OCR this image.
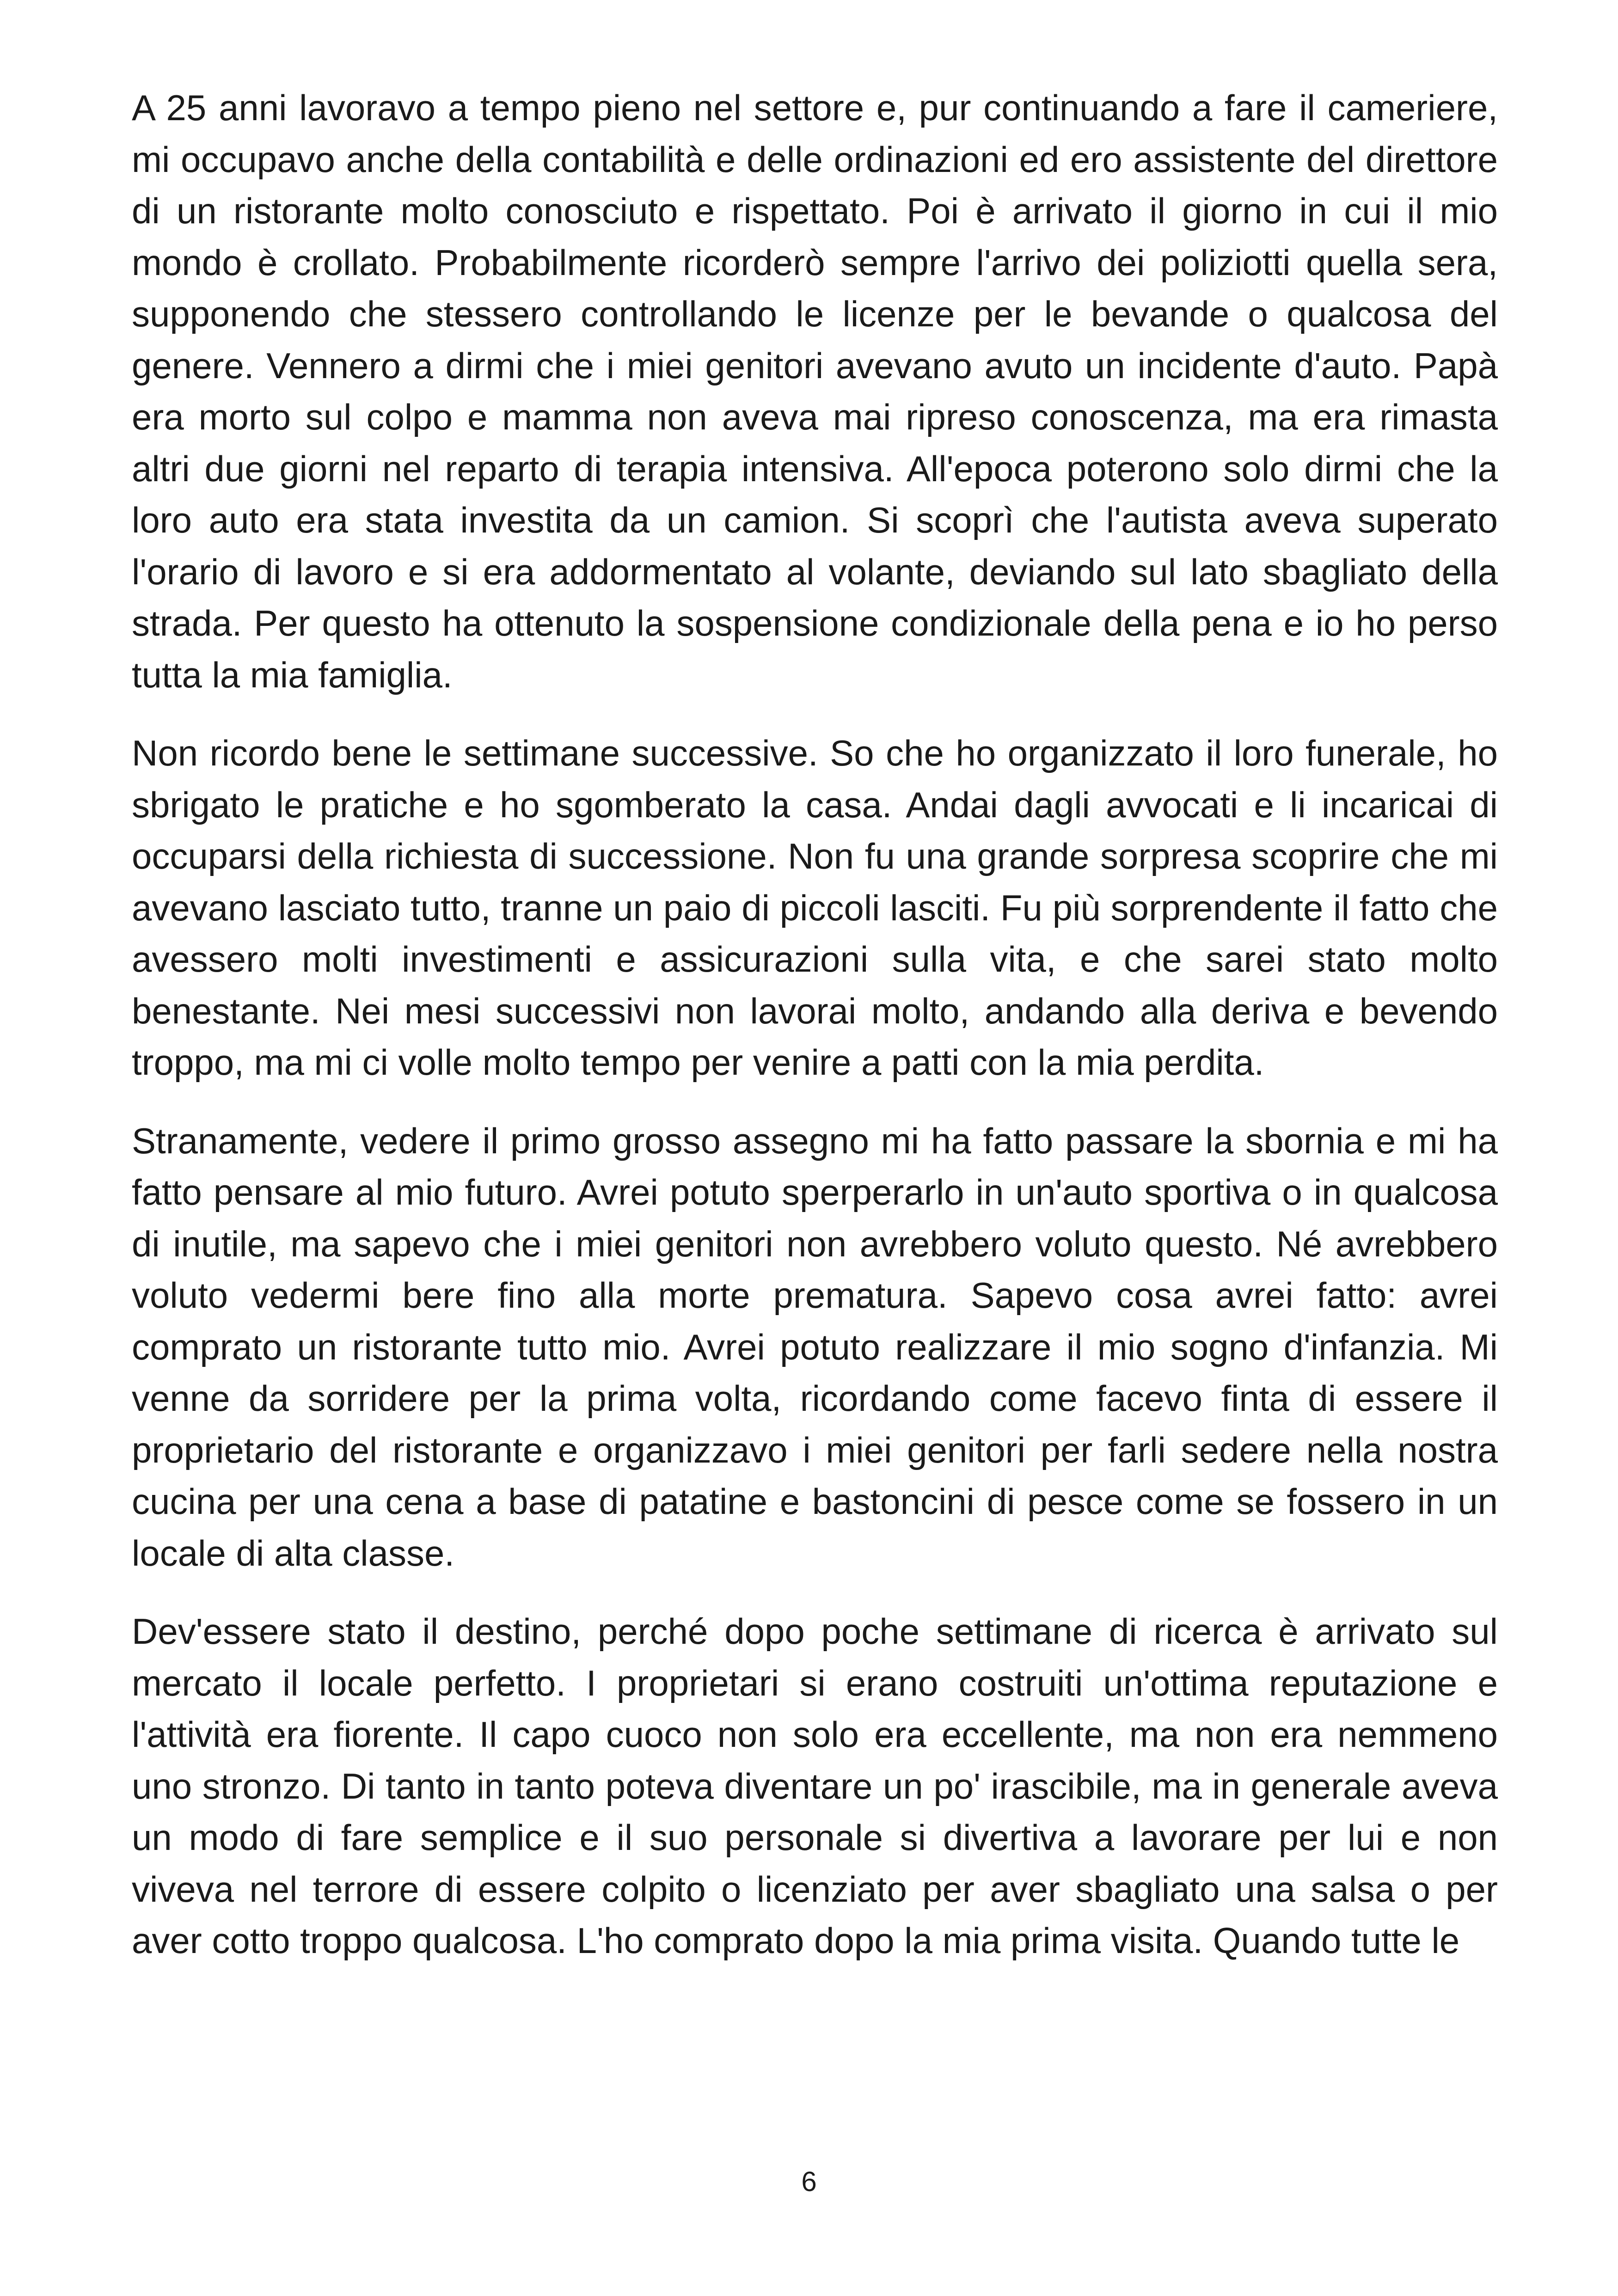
A 25 anni lavoravo a tempo pieno nel settore e, pur continuando a fare il cameriere, mi occupavo anche della contabilità e delle ordinazioni ed ero assistente del direttore di un ristorante molto conosciuto e rispettato. Poi è arrivato il giorno in cui il mio mondo è crollato. Probabilmente ricorderò sempre l'arrivo dei poliziotti quella sera, supponendo che stessero controllando le licenze per le bevande o qualcosa del genere. Vennero a dirmi che i miei genitori avevano avuto un incidente d'auto. Papà era morto sul colpo e mamma non aveva mai ripreso conoscenza, ma era rimasta altri due giorni nel reparto di terapia intensiva. All'epoca poterono solo dirmi che la loro auto era stata investita da un camion. Si scoprì che l'autista aveva superato l'orario di lavoro e si era addormentato al volante, deviando sul lato sbagliato della strada. Per questo ha ottenuto la sospensione condizionale della pena e io ho perso tutta la mia famiglia.

Non ricordo bene le settimane successive. So che ho organizzato il loro funerale, ho sbrigato le pratiche e ho sgomberato la casa. Andai dagli avvocati e li incaricai di occuparsi della richiesta di successione. Non fu una grande sorpresa scoprire che mi avevano lasciato tutto, tranne un paio di piccoli lasciti. Fu più sorprendente il fatto che avessero molti investimenti e assicurazioni sulla vita, e che sarei stato molto benestante. Nei mesi successivi non lavorai molto, andando alla deriva e bevendo troppo, ma mi ci volle molto tempo per venire a patti con la mia perdita.

Stranamente, vedere il primo grosso assegno mi ha fatto passare la sbornia e mi ha fatto pensare al mio futuro. Avrei potuto sperperarlo in un'auto sportiva o in qualcosa di inutile, ma sapevo che i miei genitori non avrebbero voluto questo. Né avrebbero voluto vedermi bere fino alla morte prematura. Sapevo cosa avrei fatto: avrei comprato un ristorante tutto mio. Avrei potuto realizzare il mio sogno d'infanzia. Mi venne da sorridere per la prima volta, ricordando come facevo finta di essere il proprietario del ristorante e organizzavo i miei genitori per farli sedere nella nostra cucina per una cena a base di patatine e bastoncini di pesce come se fossero in un locale di alta classe.

Dev'essere stato il destino, perché dopo poche settimane di ricerca è arrivato sul mercato il locale perfetto. I proprietari si erano costruiti un'ottima reputazione e l'attività era fiorente. Il capo cuoco non solo era eccellente, ma non era nemmeno uno stronzo. Di tanto in tanto poteva diventare un po' irascibile, ma in generale aveva un modo di fare semplice e il suo personale si divertiva a lavorare per lui e non viveva nel terrore di essere colpito o licenziato per aver sbagliato una salsa o per aver cotto troppo qualcosa. L'ho comprato dopo la mia prima visita. Quando tutte le

6
